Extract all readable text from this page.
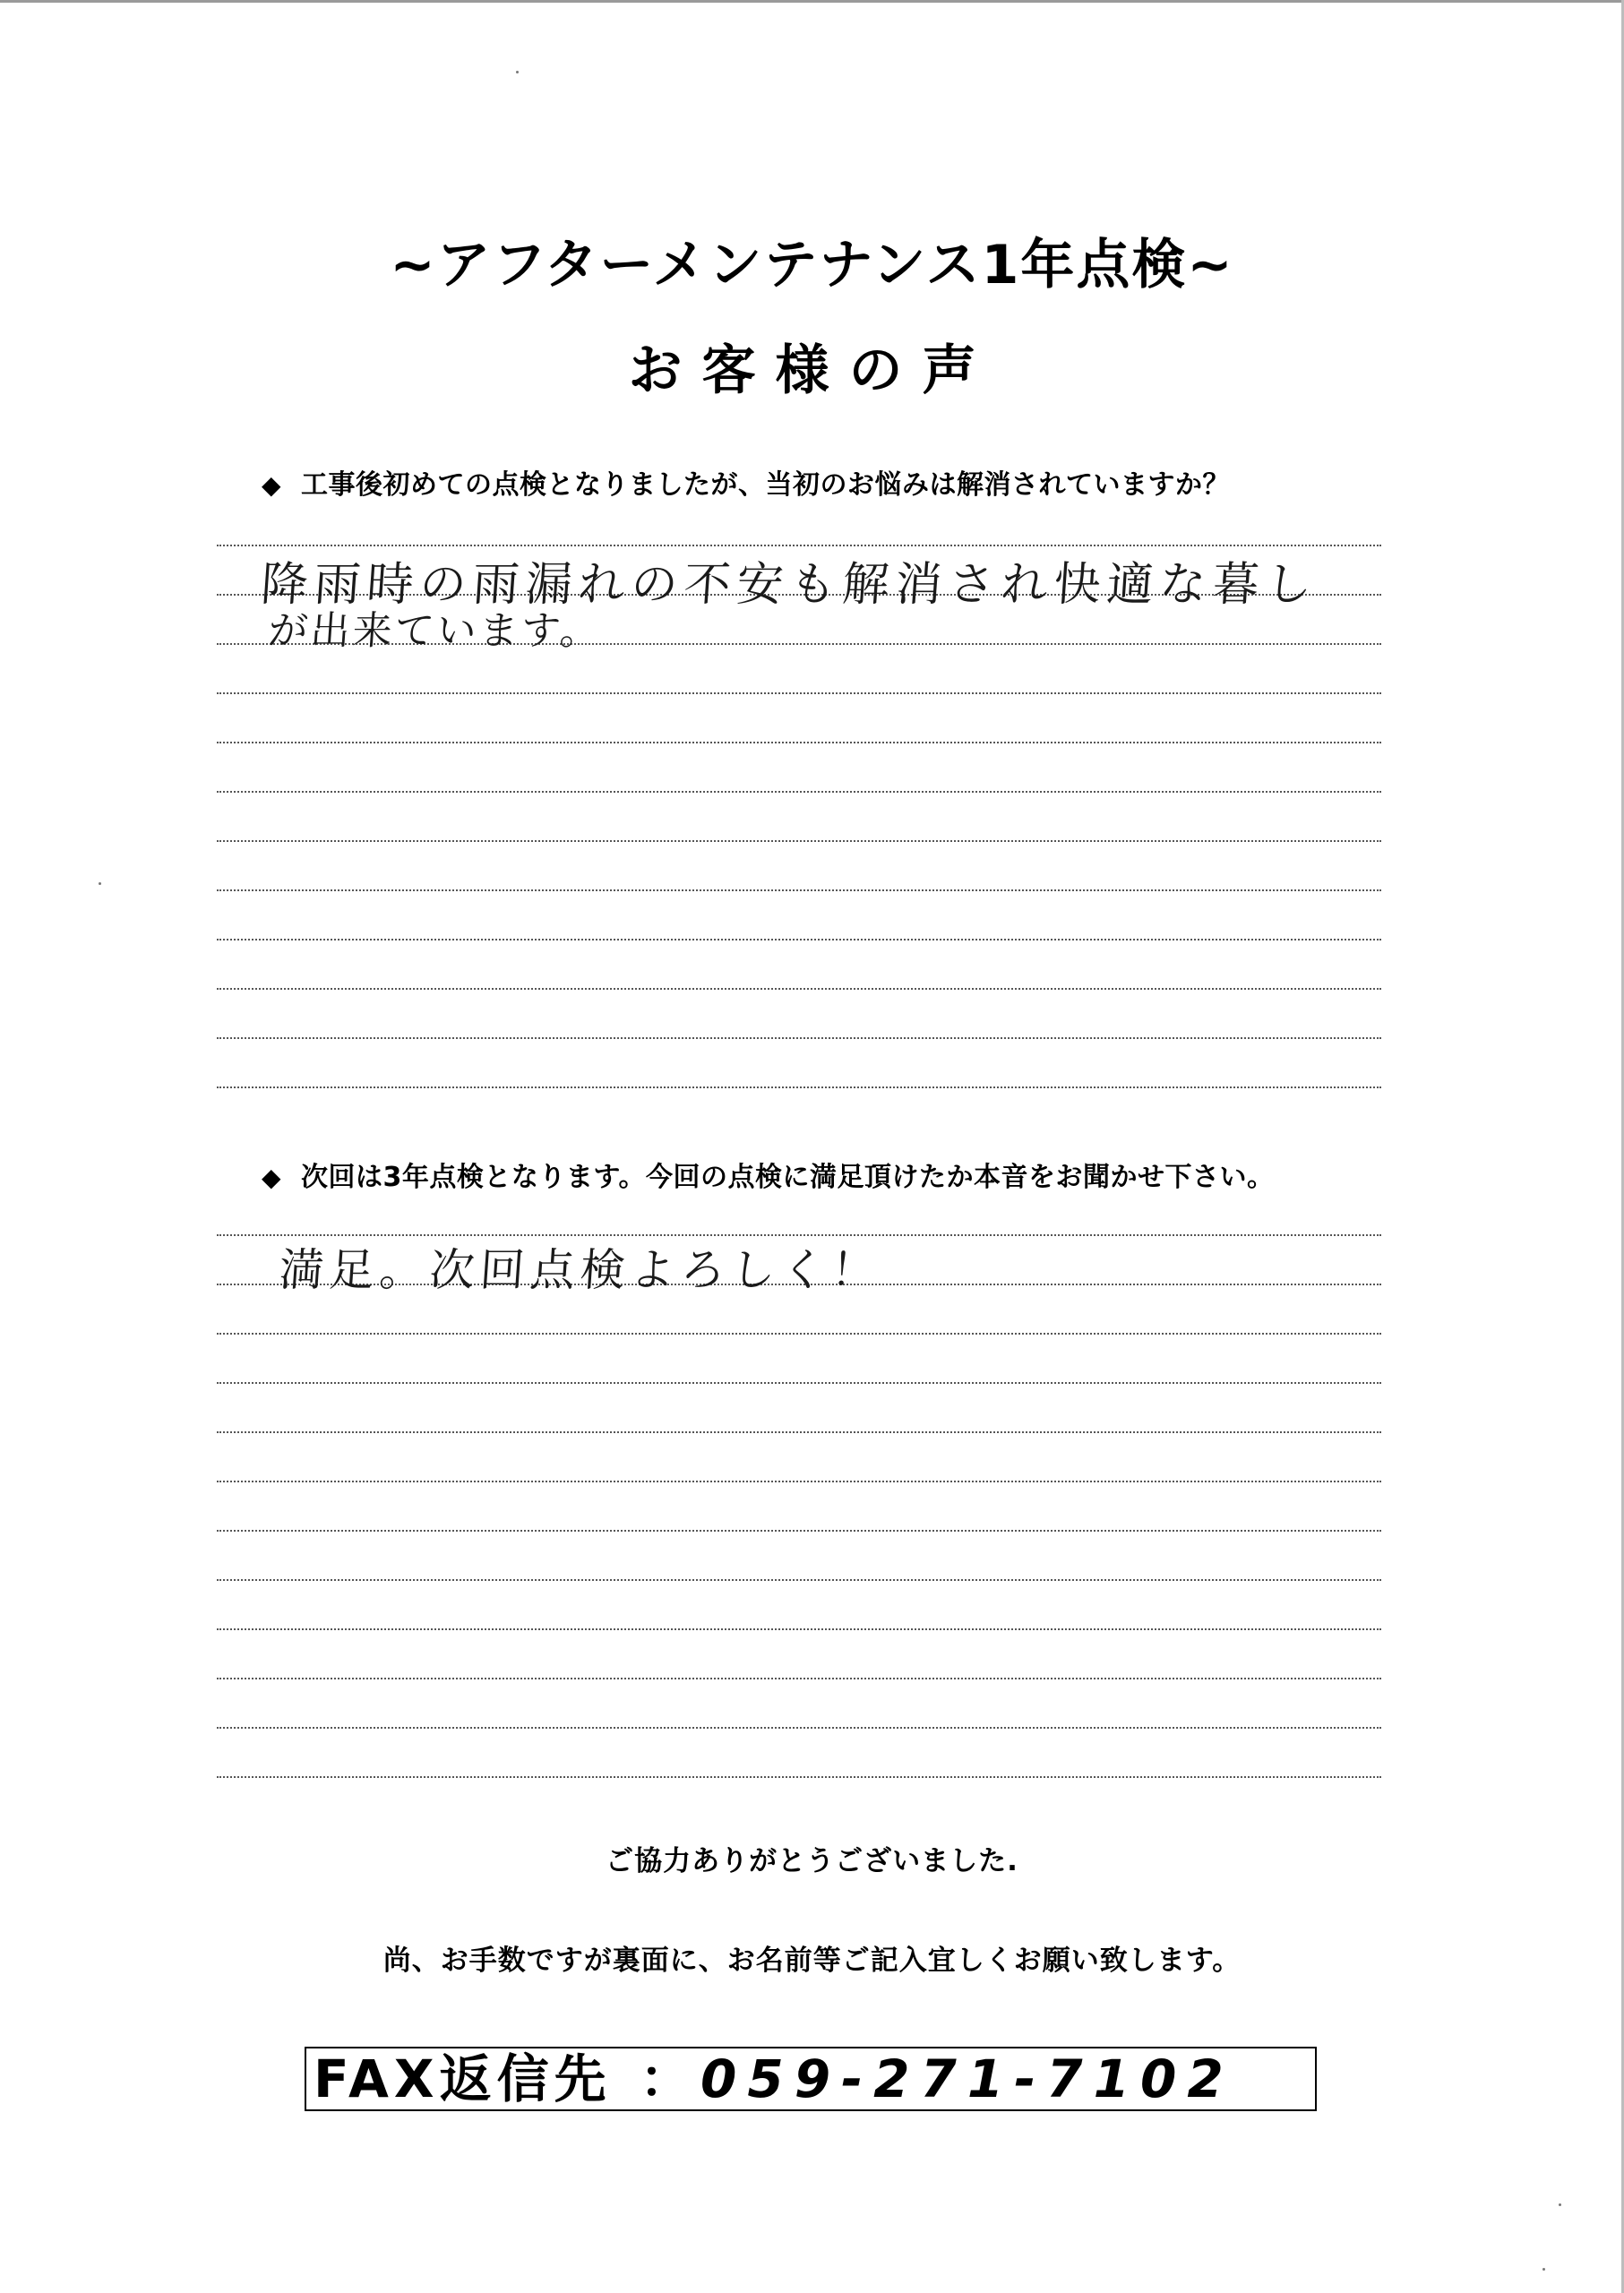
~アフターメンテナンス1年点検~
お客様の声
◆ 工事後初めての点検となりましたが、当初のお悩みは解消されていますか？
降雨時の雨漏れの不安も解消され快適な暮し
が出来ています。
◆ 次回は3年点検となります。今回の点検に満足頂けたか本音をお聞かせ下さい。
満足。次回点検よろしく！
ご協力ありがとうございました.
尚、お手数ですが裏面に、お名前等ご記入宜しくお願い致します。
FAX返信先 ： 059-271-7102
